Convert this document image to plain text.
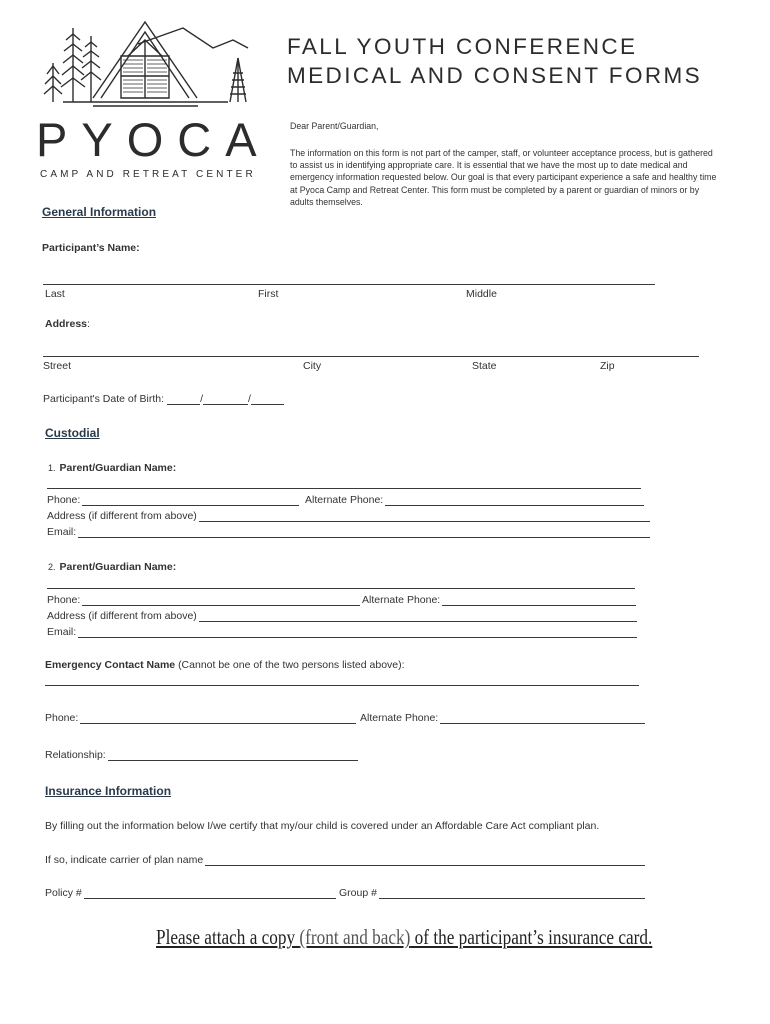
PYOCA
CAMP AND RETREAT CENTER
FALL YOUTH CONFERENCE
MEDICAL AND CONSENT FORMS
Dear Parent/Guardian,
The information on this form is not part of the camper, staff, or volunteer acceptance process, but is gathered to assist us in identifying appropriate care. It is essential that we have the most up to date medical and emergency information requested below. Our goal is that every participant experience a safe and healthy time at Pyoca Camp and Retreat Center. This form must be completed by a parent or guardian of minors or by adults themselves.
General Information
Participant’s Name:
Last	First	Middle
Address:
Street	City	State	Zip
Participant's Date of Birth:	/	/
Custodial
1. Parent/Guardian Name:
Phone:	Alternate Phone:
Address (if different from above)
Email:
2. Parent/Guardian Name:
Phone:	Alternate Phone:
Address (if different from above)
Email:
Emergency Contact Name (Cannot be one of the two persons listed above):
Phone:	Alternate Phone:
Relationship:
Insurance Information
By filling out the information below I/we certify that my/our child is covered under an Affordable Care Act compliant plan.
If so, indicate carrier of plan name
Policy #	Group #
Please attach a copy (front and back) of the participant’s insurance card.
